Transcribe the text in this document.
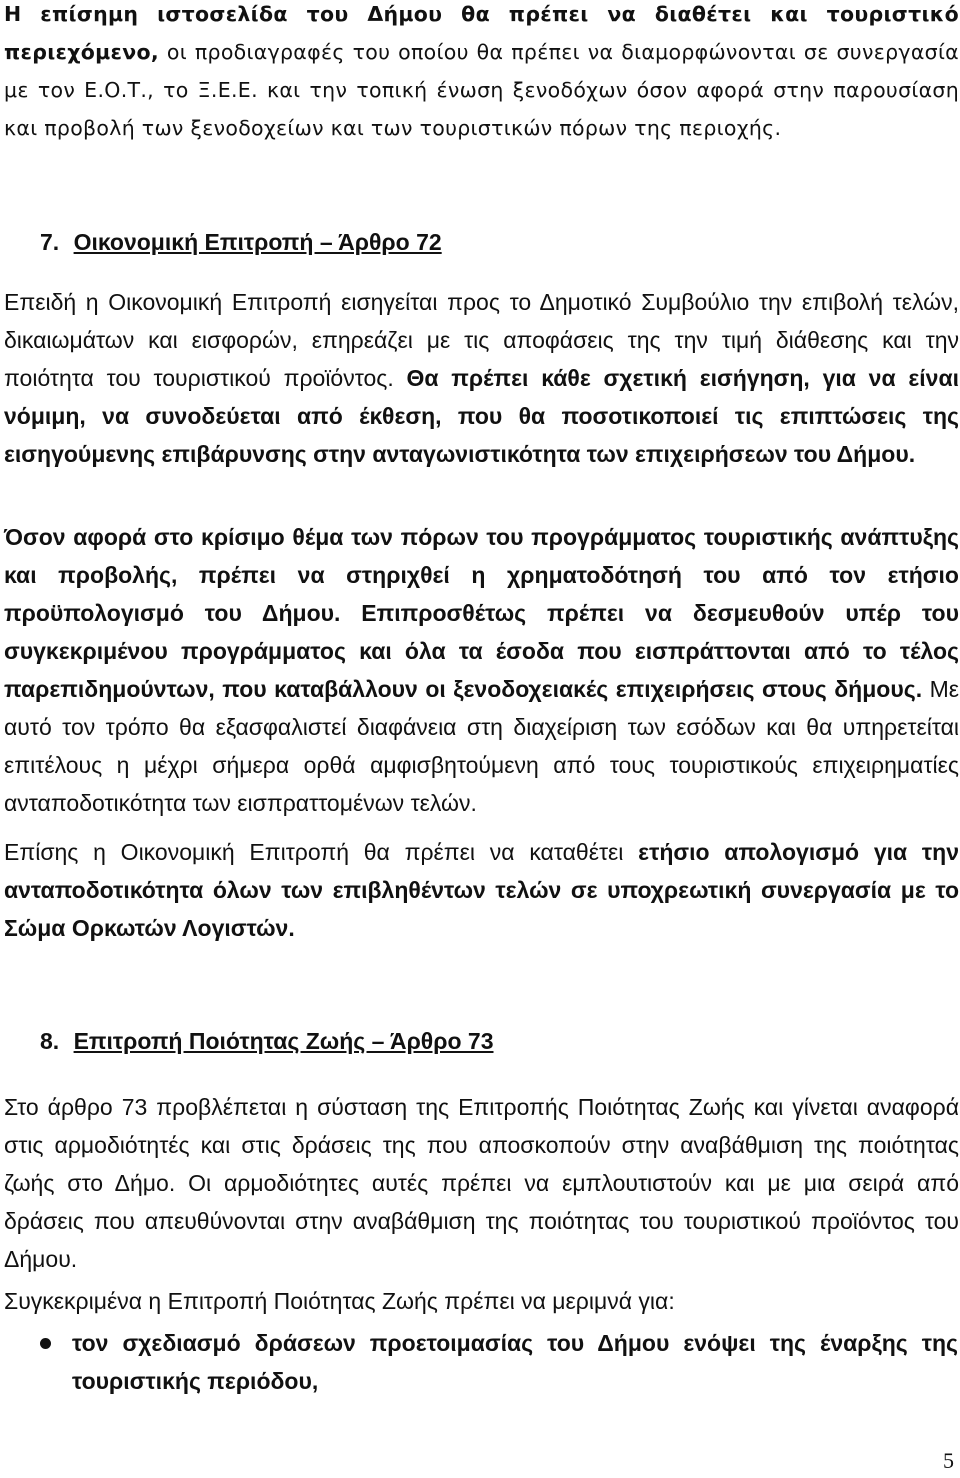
Η επίσημη ιστοσελίδα του Δήμου θα πρέπει να διαθέτει και τουριστικό περιεχόμενο, οι προδιαγραφές του οποίου θα πρέπει να διαμορφώνονται σε συνεργασία με τον Ε.Ο.Τ., το Ξ.Ε.Ε. και την τοπική ένωση ξενοδόχων όσον αφορά στην παρουσίαση και προβολή των ξενοδοχείων και των τουριστικών πόρων της περιοχής.
7. Οικονομική Επιτροπή – Άρθρο 72
Επειδή η Οικονομική Επιτροπή εισηγείται προς το Δημοτικό Συμβούλιο την επιβολή τελών, δικαιωμάτων και εισφορών, επηρεάζει με τις αποφάσεις της την τιμή διάθεσης και την ποιότητα του τουριστικού προϊόντος. Θα πρέπει κάθε σχετική εισήγηση, για να είναι νόμιμη, να συνοδεύεται από έκθεση, που θα ποσοτικοποιεί τις επιπτώσεις της εισηγούμενης επιβάρυνσης στην ανταγωνιστικότητα των επιχειρήσεων του Δήμου.
Όσον αφορά στο κρίσιμο θέμα των πόρων του προγράμματος τουριστικής ανάπτυξης και προβολής, πρέπει να στηριχθεί η χρηματοδότησή του από τον ετήσιο προϋπολογισμό του Δήμου. Επιπροσθέτως πρέπει να δεσμευθούν υπέρ του συγκεκριμένου προγράμματος και όλα τα έσοδα που εισπράττονται από το τέλος παρεπιδημούντων, που καταβάλλουν οι ξενοδοχειακές επιχειρήσεις στους δήμους. Με αυτό τον τρόπο θα εξασφαλιστεί διαφάνεια στη διαχείριση των εσόδων και θα υπηρετείται επιτέλους η μέχρι σήμερα ορθά αμφισβητούμενη από τους τουριστικούς επιχειρηματίες ανταποδοτικότητα των εισπραττομένων τελών.
Επίσης η Οικονομική Επιτροπή θα πρέπει να καταθέτει ετήσιο απολογισμό για την ανταποδοτικότητα όλων των επιβληθέντων τελών σε υποχρεωτική συνεργασία με το Σώμα Ορκωτών Λογιστών.
8. Επιτροπή Ποιότητας Ζωής – Άρθρο 73
Στο άρθρο 73 προβλέπεται η σύσταση της Επιτροπής Ποιότητας Ζωής και γίνεται αναφορά στις αρμοδιότητές και στις δράσεις της που αποσκοπούν στην αναβάθμιση της ποιότητας ζωής στο Δήμο. Οι αρμοδιότητες αυτές πρέπει να εμπλουτιστούν και με μια σειρά από δράσεις που απευθύνονται στην αναβάθμιση της ποιότητας του τουριστικού προϊόντος του Δήμου.
Συγκεκριμένα η Επιτροπή Ποιότητας Ζωής πρέπει να μεριμνά για:
τον σχεδιασμό δράσεων προετοιμασίας του Δήμου ενόψει της έναρξης της τουριστικής περιόδου,
5
